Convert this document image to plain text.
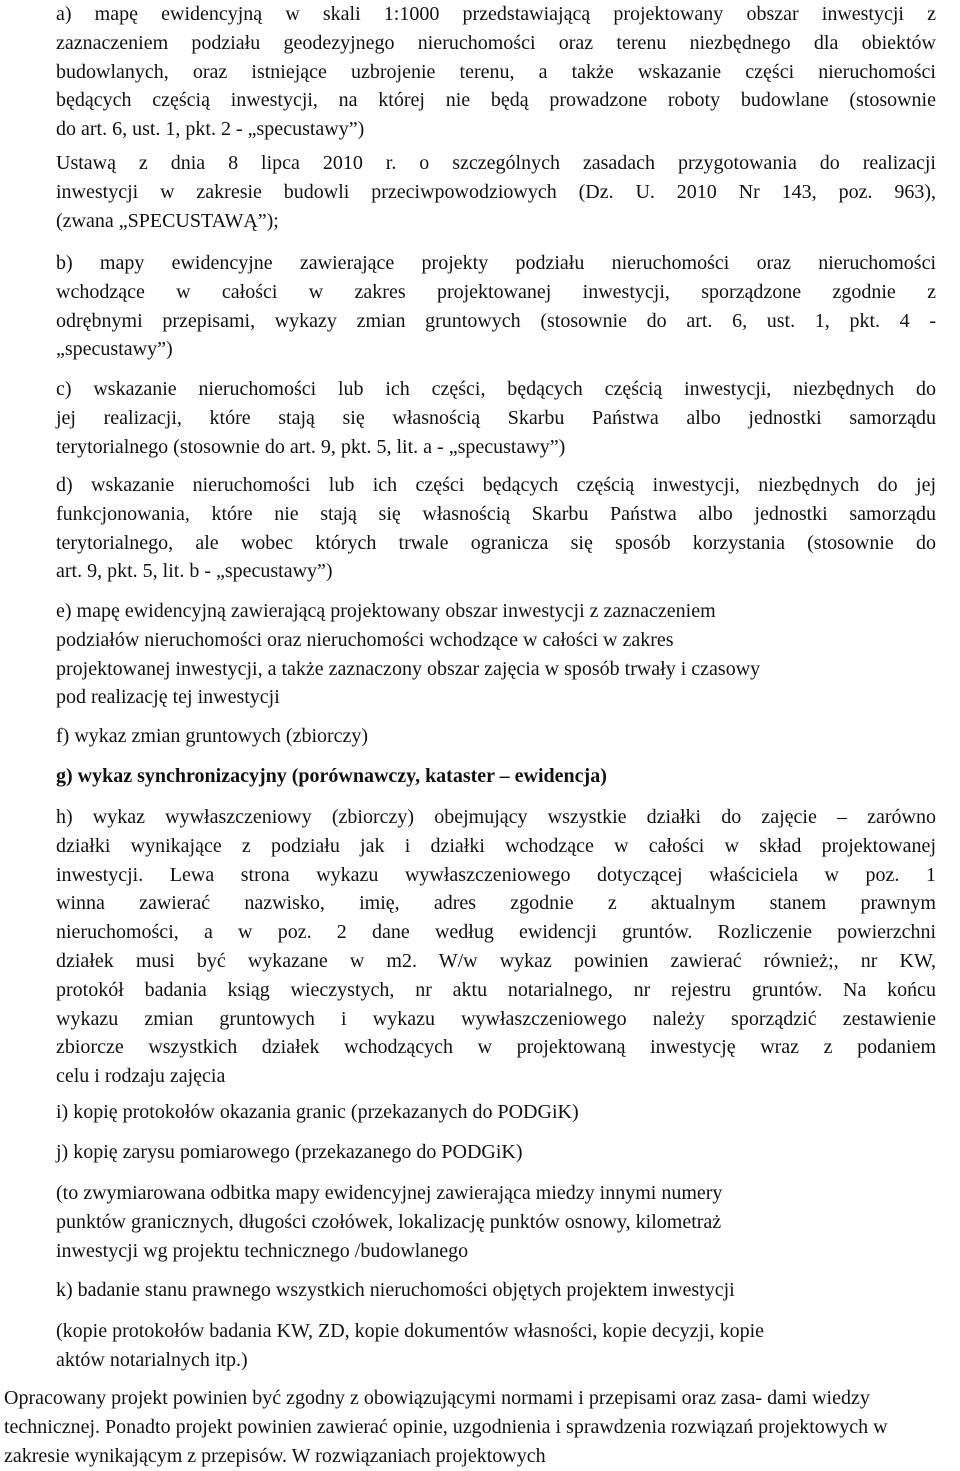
a) mapę ewidencyjną w skali 1:1000 przedstawiającą projektowany obszar inwestycji z
zaznaczeniem podziału geodezyjnego nieruchomości oraz terenu niezbędnego dla obiektów
budowlanych, oraz istniejące uzbrojenie terenu, a także wskazanie części nieruchomości
będących częścią inwestycji, na której nie będą prowadzone roboty budowlane (stosownie
do art. 6, ust. 1, pkt. 2 - „specustawy”)
Ustawą z dnia 8 lipca 2010 r. o szczególnych zasadach przygotowania do realizacji
inwestycji w zakresie budowli przeciwpowodziowych (Dz. U. 2010 Nr 143, poz. 963),
(zwana „SPECUSTAWĄ”);
b) mapy ewidencyjne zawierające projekty podziału nieruchomości oraz nieruchomości
wchodzące w całości w zakres projektowanej inwestycji, sporządzone zgodnie z
odrębnymi przepisami, wykazy zmian gruntowych (stosownie do art. 6, ust. 1, pkt. 4 -
„specustawy”)
c) wskazanie nieruchomości lub ich części, będących częścią inwestycji, niezbędnych do
jej realizacji, które stają się własnością Skarbu Państwa albo jednostki samorządu
terytorialnego (stosownie do art. 9, pkt. 5, lit. a - „specustawy”)
d) wskazanie nieruchomości lub ich części będących częścią inwestycji, niezbędnych do jej
funkcjonowania, które nie stają się własnością Skarbu Państwa albo jednostki samorządu
terytorialnego, ale wobec których trwale ogranicza się sposób korzystania (stosownie do
art. 9, pkt. 5, lit. b - „specustawy”)
e) mapę ewidencyjną zawierającą projektowany obszar inwestycji z zaznaczeniem
podziałów nieruchomości oraz nieruchomości wchodzące w całości w zakres
projektowanej inwestycji, a także zaznaczony obszar zajęcia w sposób trwały i czasowy
pod realizację tej inwestycji
f) wykaz zmian gruntowych (zbiorczy)
g) wykaz synchronizacyjny (porównawczy, kataster – ewidencja)
h) wykaz wywłaszczeniowy (zbiorczy) obejmujący wszystkie działki do zajęcie – zarówno
działki wynikające z podziału jak i działki wchodzące w całości w skład projektowanej
inwestycji. Lewa strona wykazu wywłaszczeniowego dotyczącej właściciela w poz. 1
winna zawierać nazwisko, imię, adres zgodnie z aktualnym stanem prawnym
nieruchomości, a w poz. 2 dane według ewidencji gruntów. Rozliczenie powierzchni
działek musi być wykazane w m2. W/w wykaz powinien zawierać również;, nr KW,
protokół badania ksiąg wieczystych, nr aktu notarialnego, nr rejestru gruntów. Na końcu
wykazu zmian gruntowych i wykazu wywłaszczeniowego należy sporządzić zestawienie
zbiorcze wszystkich działek wchodzących w projektowaną inwestycję wraz z podaniem
celu i rodzaju zajęcia
i) kopię protokołów okazania granic (przekazanych do PODGiK)
j) kopię zarysu pomiarowego (przekazanego do PODGiK)
(to zwymiarowana odbitka mapy ewidencyjnej zawierająca miedzy innymi numery
punktów granicznych, długości czołówek, lokalizację punktów osnowy, kilometraż
inwestycji wg projektu technicznego /budowlanego
k) badanie stanu prawnego wszystkich nieruchomości objętych projektem inwestycji
(kopie protokołów badania KW, ZD, kopie dokumentów własności, kopie decyzji, kopie
aktów notarialnych itp.)
Opracowany projekt powinien być zgodny z obowiązującymi normami i przepisami oraz zasa- dami wiedzy technicznej. Ponadto projekt powinien zawierać opinie, uzgodnienia i sprawdzenia rozwiązań projektowych w zakresie wynikającym z przepisów. W rozwiązaniach projektowych
